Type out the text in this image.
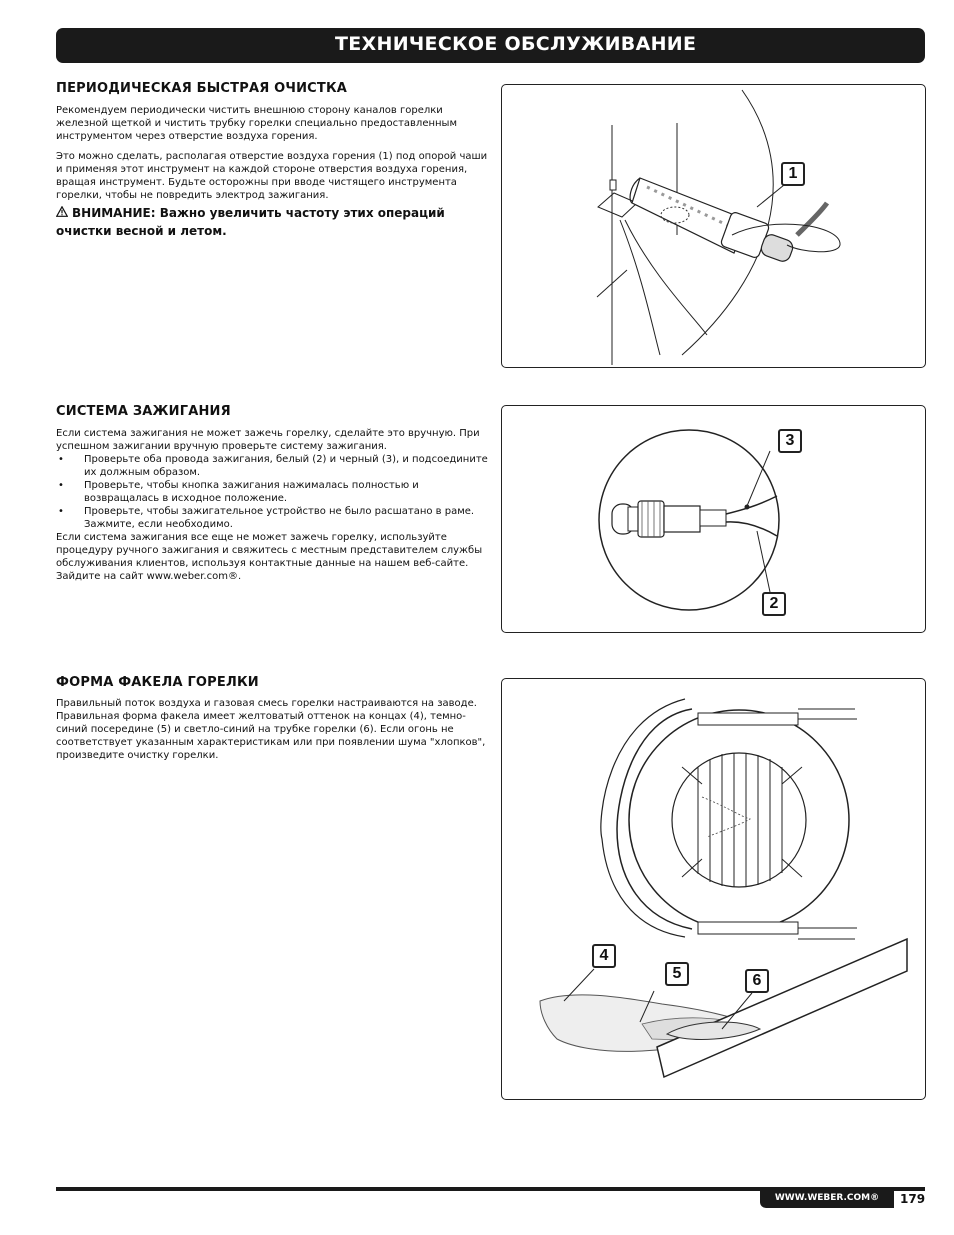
ТЕХНИЧЕСКОЕ ОБСЛУЖИВАНИЕ
ПЕРИОДИЧЕСКАЯ БЫСТРАЯ ОЧИСТКА

Рекомендуем периодически чистить внешнюю сторону каналов горелки железной щеткой и чистить трубку горелки специально предоставленным инструментом через отверстие воздуха горения.

Это можно сделать, располагая отверстие воздуха горения (1) под опорой чаши и применяя этот инструмент на каждой стороне отверстия воздуха горения, вращая инструмент. Будьте осторожны при вводе чистящего инструмента горелки, чтобы не повредить электрод зажигания.

ВНИМАНИЕ: Важно увеличить частоту этих операций очистки весной и летом.
1
СИСТЕМА ЗАЖИГАНИЯ
Если система зажигания не может зажечь горелку, сделайте это вручную. При успешном зажигании вручную проверьте систему зажигания.
• Проверьте оба провода зажигания, белый (2) и черный (3), и подсоедините их должным образом.
• Проверьте, чтобы кнопка зажигания нажималась полностью и возвращалась в исходное положение.
• Проверьте, чтобы зажигательное устройство не было расшатано в раме. Зажмите, если необходимо.
Если система зажигания все еще не может зажечь горелку, используйте процедуру ручного зажигания и свяжитесь с местным представителем службы обслуживания клиентов, используя контактные данные на нашем веб-сайте. Зайдите на сайт www.weber.com®.
3
2
ФОРМА ФАКЕЛА ГОРЕЛКИ

Правильный поток воздуха и газовая смесь горелки настраиваются на заводе. Правильная форма факела имеет желтоватый оттенок на концах (4), темно-синий посередине (5) и светло-синий на трубке горелки (6). Если огонь не соответствует указанным характеристикам или при появлении шума "хлопков", произведите очистку горелки.

4
5	6
WWW.WEBER.COM®	179
